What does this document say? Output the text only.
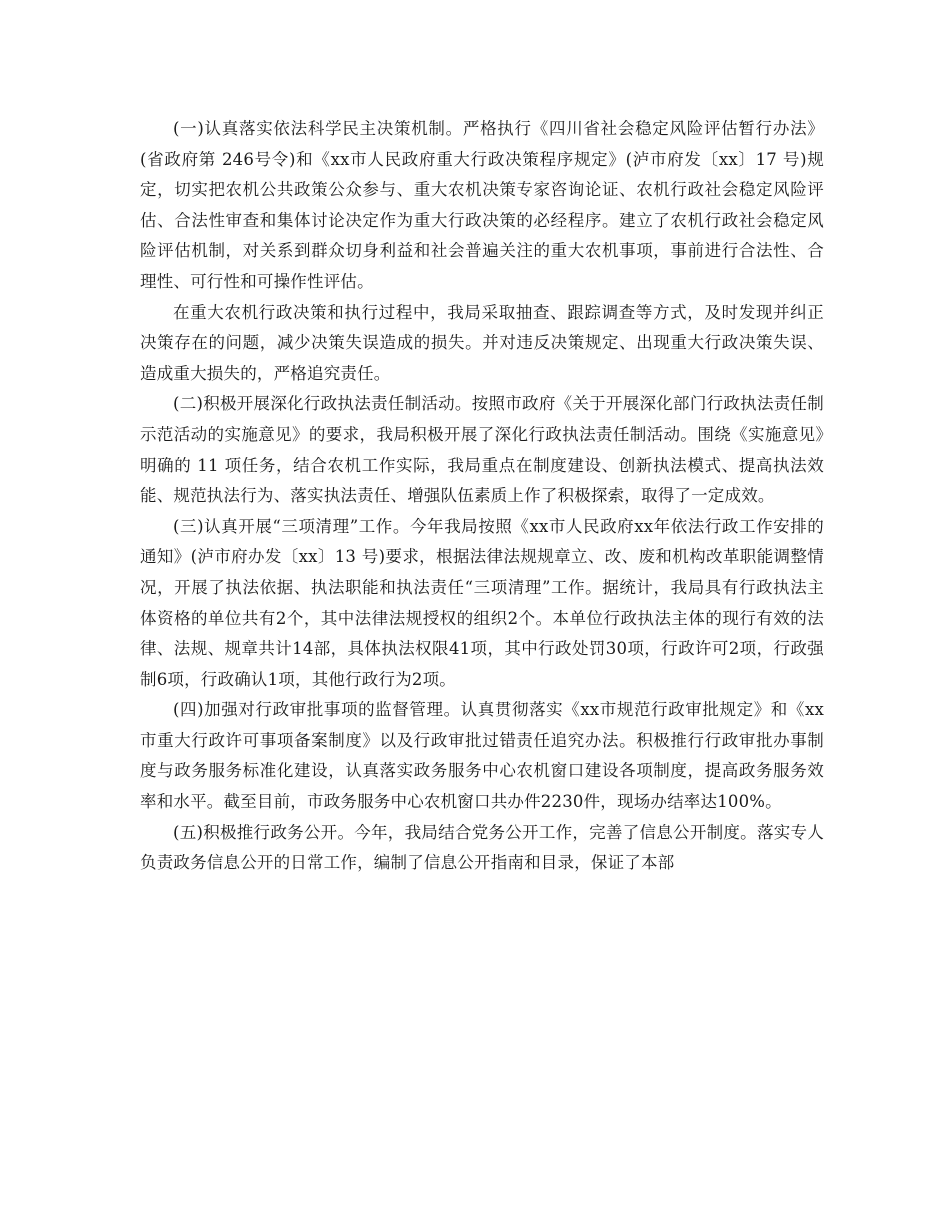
(一)认真落实依法科学民主决策机制。严格执行《四川省社会稳定风险评估暂行办法》(省政府第 246号令)和《xx市人民政府重大行政决策程序规定》(泸市府发〔xx〕17 号)规定，切实把农机公共政策公众参与、重大农机决策专家咨询论证、农机行政社会稳定风险评估、合法性审查和集体讨论决定作为重大行政决策的必经程序。建立了农机行政社会稳定风险评估机制，对关系到群众切身利益和社会普遍关注的重大农机事项，事前进行合法性、合理性、可行性和可操作性评估。

在重大农机行政决策和执行过程中，我局采取抽查、跟踪调查等方式，及时发现并纠正决策存在的问题，减少决策失误造成的损失。并对违反决策规定、出现重大行政决策失误、造成重大损失的，严格追究责任。

(二)积极开展深化行政执法责任制活动。按照市政府《关于开展深化部门行政执法责任制示范活动的实施意见》的要求，我局积极开展了深化行政执法责任制活动。围绕《实施意见》明确的 11 项任务，结合农机工作实际，我局重点在制度建设、创新执法模式、提高执法效能、规范执法行为、落实执法责任、增强队伍素质上作了积极探索，取得了一定成效。

(三)认真开展“三项清理”工作。今年我局按照《xx市人民政府xx年依法行政工作安排的通知》(泸市府办发〔xx〕13 号)要求，根据法律法规规章立、改、废和机构改革职能调整情况，开展了执法依据、执法职能和执法责任“三项清理”工作。据统计，我局具有行政执法主体资格的单位共有2个，其中法律法规授权的组织2个。本单位行政执法主体的现行有效的法律、法规、规章共计14部，具体执法权限41项，其中行政处罚30项，行政许可2项，行政强制6项，行政确认1项，其他行政行为2项。

(四)加强对行政审批事项的监督管理。认真贯彻落实《xx市规范行政审批规定》和《xx市重大行政许可事项备案制度》以及行政审批过错责任追究办法。积极推行行政审批办事制度与政务服务标准化建设，认真落实政务服务中心农机窗口建设各项制度，提高政务服务效率和水平。截至目前，市政务服务中心农机窗口共办件2230件，现场办结率达100%。

(五)积极推行政务公开。今年，我局结合党务公开工作，完善了信息公开制度。落实专人负责政务信息公开的日常工作，编制了信息公开指南和目录，保证了本部
